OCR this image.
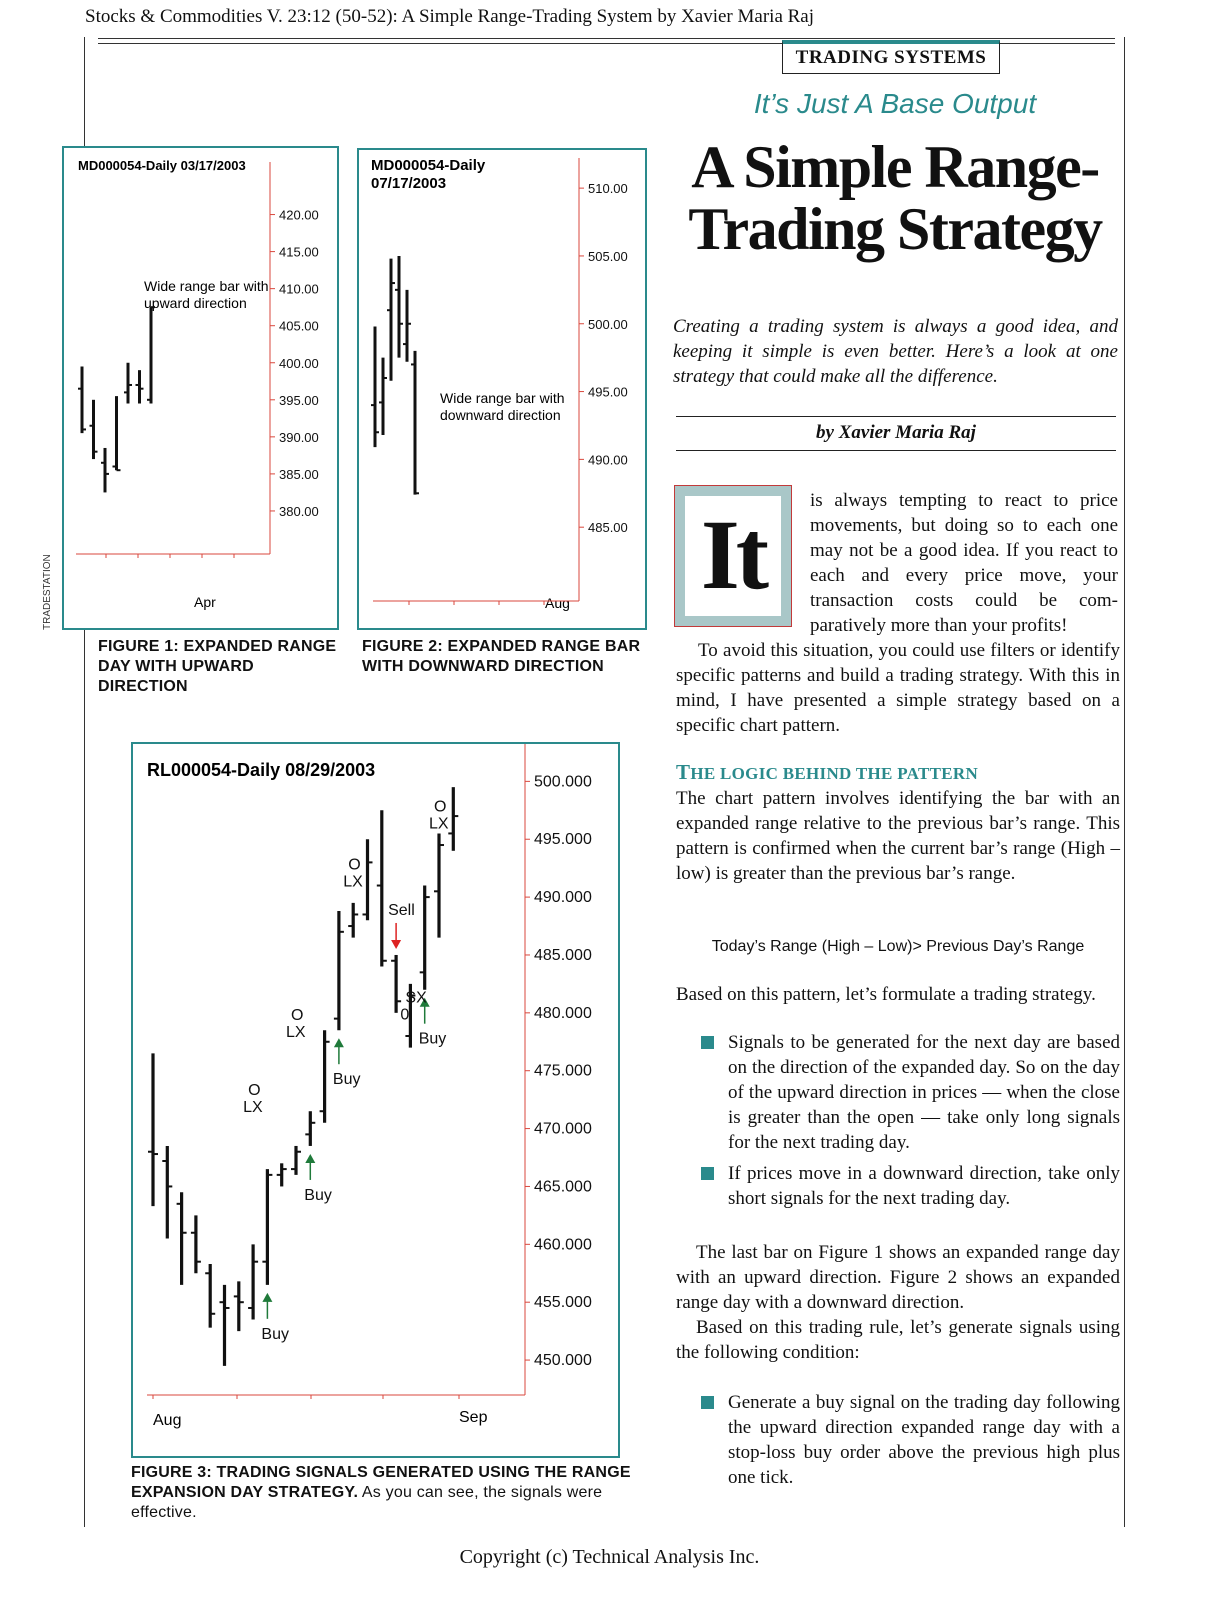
Stocks & Commodities V. 23:12 (50-52): A Simple Range-Trading System by Xavier Maria Raj
TRADING SYSTEMS
It’s Just A Base Output
A Simple Range-
Trading Strategy
Creating a trading system is always a good idea, and keeping it simple is even better. Here’s a look at one strategy that could make all the difference.
by Xavier Maria Raj
It	is always tempting to react to price movements, but doing so to each one may not be a good idea. If you react to each and every price move, your transaction costs could be com-paratively more than your profits!
To avoid this situation, you could use filters or identify specific patterns and build a trading strategy. With this in mind, I have presented a simple strategy based on a specific chart pattern.
THE LOGIC BEHIND THE PATTERN
The chart pattern involves identifying the bar with an expanded range relative to the previous bar’s range. This pattern is confirmed when the current bar’s range (High – low) is greater than the previous bar’s range.
Today’s Range (High – Low)> Previous Day’s Range
Based on this pattern, let’s formulate a trading strategy.
Signals to be generated for the next day are based on the direction of the expanded day. So on the day of the upward direction in prices — when the close is greater than the open — take only long signals for the next trading day.
If prices move in a downward direction, take only short signals for the next trading day.
The last bar on Figure 1 shows an expanded range day with an upward direction. Figure 2 shows an expanded range day with a downward direction.
Based on this trading rule, let’s generate signals using the following condition:
Generate a buy signal on the trading day following the upward direction expanded range day with a stop-loss buy order above the previous high plus one tick.
MD000054-Daily 03/17/2003
Wide range bar with
upward direction
Apr
420.00
415.00
410.00
405.00
400.00
395.00
390.00
385.00
380.00
FIGURE 1: EXPANDED RANGE DAY WITH UPWARD DIRECTION
MD000054-Daily
07/17/2003
Wide range bar with
downward direction
Aug
510.00
505.00
500.00
495.00
490.00
485.00
FIGURE 2: EXPANDED RANGE BAR WITH DOWNWARD DIRECTION
RL000054-Daily 08/29/2003
Aug	Sep
500.000
495.000
490.000
485.000
480.000
475.000
470.000
465.000
460.000
455.000
450.000
Buy
Buy
Buy
Sell
Buy
O
LX
O
LX
O
LX
SX
0
O
LX
FIGURE 3: TRADING SIGNALS GENERATED USING THE RANGE EXPANSION DAY STRATEGY. As you can see, the signals were effective.
TRADESTATION
Copyright (c) Technical Analysis Inc.
